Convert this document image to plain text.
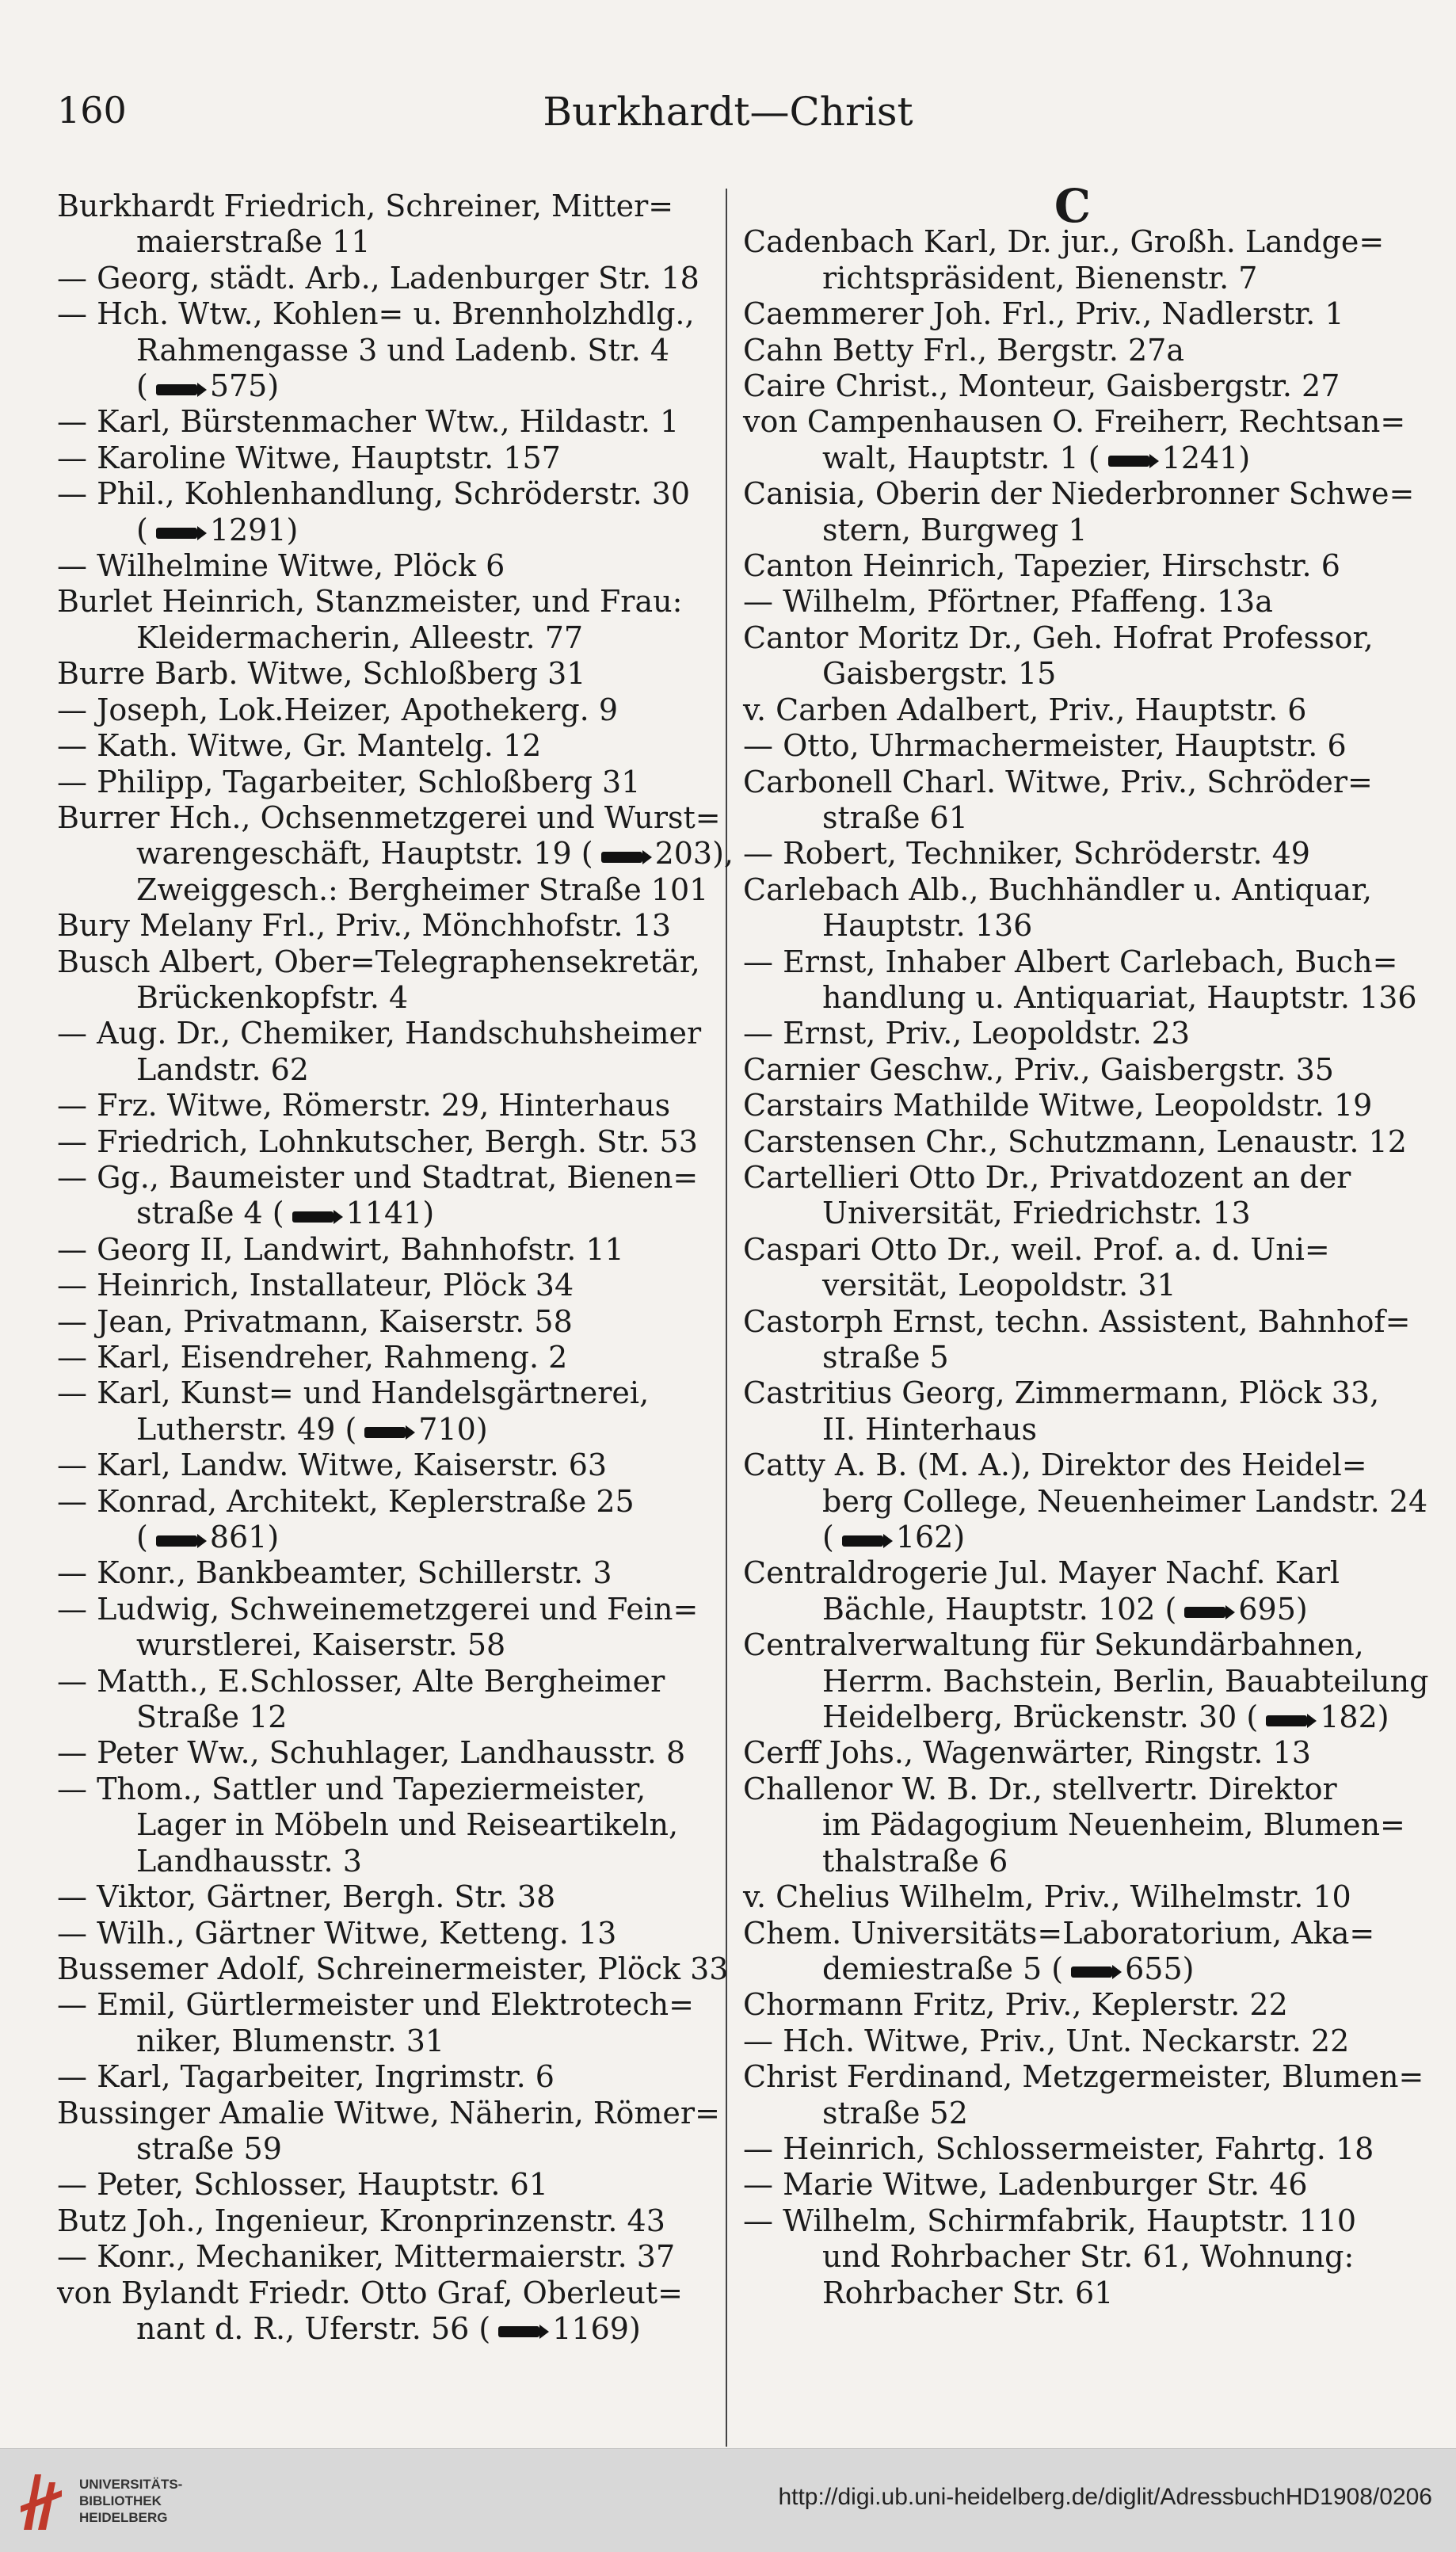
160	Burkhardt—Christ

Burkhardt Friedrich, Schreiner, Mitter=

maierstraße 11

— Georg, städt. Arb., Ladenburger Str. 18

— Hch. Wtw., Kohlen= u. Brennholzhdlg.,

Rahmengasse 3 und Ladenb. Str. 4

( 575)

— Karl, Bürstenmacher Wtw., Hildastr. 1

— Karoline Witwe, Hauptstr. 157

— Phil., Kohlenhandlung, Schröderstr. 30

( 1291)

— Wilhelmine Witwe, Plöck 6

Burlet Heinrich, Stanzmeister, und Frau:

Kleidermacherin, Alleestr. 77

Burre Barb. Witwe, Schloßberg 31

— Joseph, Lok.Heizer, Apothekerg. 9

— Kath. Witwe, Gr. Mantelg. 12

— Philipp, Tagarbeiter, Schloßberg 31

Burrer Hch., Ochsenmetzgerei und Wurst=

warengeschäft, Hauptstr. 19 ( 203),

Zweiggesch.: Bergheimer Straße 101

Bury Melany Frl., Priv., Mönchhofstr. 13

Busch Albert, Ober=Telegraphensekretär,

Brückenkopfstr. 4

— Aug. Dr., Chemiker, Handschuhsheimer

Landstr. 62

— Frz. Witwe, Römerstr. 29, Hinterhaus

— Friedrich, Lohnkutscher, Bergh. Str. 53

— Gg., Baumeister und Stadtrat, Bienen=

straße 4 ( 1141)

— Georg II, Landwirt, Bahnhofstr. 11

— Heinrich, Installateur, Plöck 34

— Jean, Privatmann, Kaiserstr. 58

— Karl, Eisendreher, Rahmeng. 2

— Karl, Kunst= und Handelsgärtnerei,

Lutherstr. 49 ( 710)

— Karl, Landw. Witwe, Kaiserstr. 63

— Konrad, Architekt, Keplerstraße 25

( 861)

— Konr., Bankbeamter, Schillerstr. 3

— Ludwig, Schweinemetzgerei und Fein=

wurstlerei, Kaiserstr. 58

— Matth., E.Schlosser, Alte Bergheimer

Straße 12

— Peter Ww., Schuhlager, Landhausstr. 8

— Thom., Sattler und Tapeziermeister,

Lager in Möbeln und Reiseartikeln,

Landhausstr. 3

— Viktor, Gärtner, Bergh. Str. 38

— Wilh., Gärtner Witwe, Ketteng. 13

Bussemer Adolf, Schreinermeister, Plöck 33

— Emil, Gürtlermeister und Elektrotech=

niker, Blumenstr. 31

— Karl, Tagarbeiter, Ingrimstr. 6

Bussinger Amalie Witwe, Näherin, Römer=

straße 59

— Peter, Schlosser, Hauptstr. 61

Butz Joh., Ingenieur, Kronprinzenstr. 43

— Konr., Mechaniker, Mittermaierstr. 37

von Bylandt Friedr. Otto Graf, Oberleut=

nant d. R., Uferstr. 56 ( 1169)

C

Cadenbach Karl, Dr. jur., Großh. Landge=

richtspräsident, Bienenstr. 7

Caemmerer Joh. Frl., Priv., Nadlerstr. 1

Cahn Betty Frl., Bergstr. 27a

Caire Christ., Monteur, Gaisbergstr. 27

von Campenhausen O. Freiherr, Rechtsan=

walt, Hauptstr. 1 ( 1241)

Canisia, Oberin der Niederbronner Schwe=

stern, Burgweg 1

Canton Heinrich, Tapezier, Hirschstr. 6

— Wilhelm, Pförtner, Pfaffeng. 13a

Cantor Moritz Dr., Geh. Hofrat Professor,

Gaisbergstr. 15

v. Carben Adalbert, Priv., Hauptstr. 6

— Otto, Uhrmachermeister, Hauptstr. 6

Carbonell Charl. Witwe, Priv., Schröder=

straße 61

— Robert, Techniker, Schröderstr. 49

Carlebach Alb., Buchhändler u. Antiquar,

Hauptstr. 136

— Ernst, Inhaber Albert Carlebach, Buch=

handlung u. Antiquariat, Hauptstr. 136

— Ernst, Priv., Leopoldstr. 23

Carnier Geschw., Priv., Gaisbergstr. 35

Carstairs Mathilde Witwe, Leopoldstr. 19

Carstensen Chr., Schutzmann, Lenaustr. 12

Cartellieri Otto Dr., Privatdozent an der

Universität, Friedrichstr. 13

Caspari Otto Dr., weil. Prof. a. d. Uni=

versität, Leopoldstr. 31

Castorph Ernst, techn. Assistent, Bahnhof=

straße 5

Castritius Georg, Zimmermann, Plöck 33,

II. Hinterhaus

Catty A. B. (M. A.), Direktor des Heidel=

berg College, Neuenheimer Landstr. 24

( 162)

Centraldrogerie Jul. Mayer Nachf. Karl

Bächle, Hauptstr. 102 ( 695)

Centralverwaltung für Sekundärbahnen,

Herrm. Bachstein, Berlin, Bauabteilung

Heidelberg, Brückenstr. 30 ( 182)

Cerff Johs., Wagenwärter, Ringstr. 13

Challenor W. B. Dr., stellvertr. Direktor

im Pädagogium Neuenheim, Blumen=

thalstraße 6

v. Chelius Wilhelm, Priv., Wilhelmstr. 10

Chem. Universitäts=Laboratorium, Aka=

demiestraße 5 ( 655)

Chormann Fritz, Priv., Keplerstr. 22

— Hch. Witwe, Priv., Unt. Neckarstr. 22

Christ Ferdinand, Metzgermeister, Blumen=

straße 52

— Heinrich, Schlossermeister, Fahrtg. 18

— Marie Witwe, Ladenburger Str. 46

— Wilhelm, Schirmfabrik, Hauptstr. 110

und Rohrbacher Str. 61, Wohnung:

Rohrbacher Str. 61

UNIVERSITÄTS-
BIBLIOTHEK
HEIDELBERG
http://digi.ub.uni-heidelberg.de/diglit/AdressbuchHD1908/0206
